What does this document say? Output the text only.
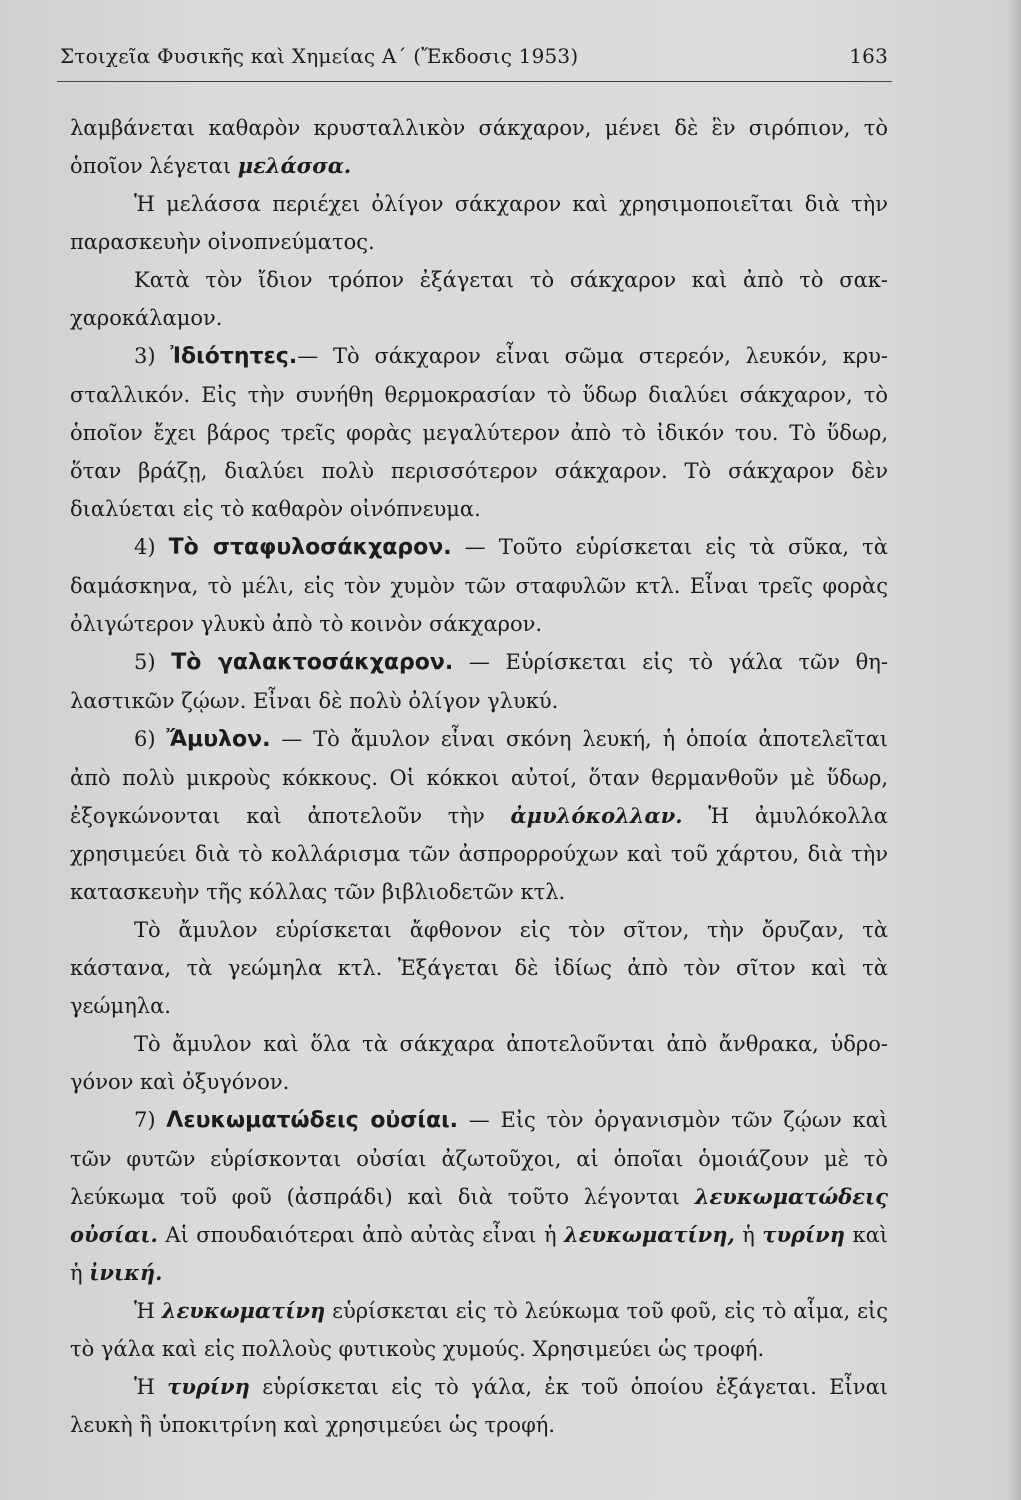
Στοιχεῖα Φυσικῆς καὶ Χημείας Α΄ (Ἔκδοσις 1953)	163

λαμβάνεται καθαρὸν κρυσταλλικὸν σάκχαρον, μένει δὲ ἓν σιρόπιον, τὸ ὁποῖον λέγεται μελάσσα.

Ἡ μελάσσα περιέχει ὀλίγον σάκχαρον καὶ χρησιμοποιεῖται διὰ τὴν παρασκευὴν οἰνοπνεύματος.

Κατὰ τὸν ἴδιον τρόπον ἐξάγεται τὸ σάκχαρον καὶ ἀπὸ τὸ σακχαροκάλαμον.

3) Ἰδιότητες.— Τὸ σάκχαρον εἶναι σῶμα στερεόν, λευκόν, κρυσταλλικόν. Εἰς τὴν συνήθη θερμοκρασίαν τὸ ὕδωρ διαλύει σάκχαρον, τὸ ὁποῖον ἔχει βάρος τρεῖς φορὰς μεγαλύτερον ἀπὸ τὸ ἰδικόν του. Τὸ ὕδωρ, ὅταν βράζῃ, διαλύει πολὺ περισσότερον σάκχαρον. Τὸ σάκχαρον δὲν διαλύεται εἰς τὸ καθαρὸν οἰνόπνευμα.

4) Τὸ σταφυλοσάκχαρον. — Τοῦτο εὑρίσκεται εἰς τὰ σῦκα, τὰ δαμάσκηνα, τὸ μέλι, εἰς τὸν χυμὸν τῶν σταφυλῶν κτλ. Εἶναι τρεῖς φορὰς ὀλιγώτερον γλυκὺ ἀπὸ τὸ κοινὸν σάκχαρον.

5) Τὸ γαλακτοσάκχαρον. — Εὑρίσκεται εἰς τὸ γάλα τῶν θηλαστικῶν ζῴων. Εἶναι δὲ πολὺ ὀλίγον γλυκύ.

6) Ἄμυλον. — Τὸ ἄμυλον εἶναι σκόνη λευκή, ἡ ὁποία ἀποτελεῖται ἀπὸ πολὺ μικροὺς κόκκους. Οἱ κόκκοι αὐτοί, ὅταν θερμανθοῦν μὲ ὕδωρ, ἐξογκώνονται καὶ ἀποτελοῦν τὴν ἀμυλόκολλαν. Ἡ ἀμυλόκολλα χρησιμεύει διὰ τὸ κολλάρισμα τῶν ἀσπρορρούχων καὶ τοῦ χάρτου, διὰ τὴν κατασκευὴν τῆς κόλλας τῶν βιβλιοδετῶν κτλ.

Τὸ ἄμυλον εὑρίσκεται ἄφθονον εἰς τὸν σῖτον, τὴν ὄρυζαν, τὰ κάστανα, τὰ γεώμηλα κτλ. Ἐξάγεται δὲ ἰδίως ἀπὸ τὸν σῖτον καὶ τὰ γεώμηλα.

Τὸ ἄμυλον καὶ ὅλα τὰ σάκχαρα ἀποτελοῦνται ἀπὸ ἄνθρακα, ὑδρογόνον καὶ ὀξυγόνον.

7) Λευκωματώδεις οὐσίαι. — Εἰς τὸν ὀργανισμὸν τῶν ζῴων καὶ τῶν φυτῶν εὑρίσκονται οὐσίαι ἀζωτοῦχοι, αἱ ὁποῖαι ὁμοιάζουν μὲ τὸ λεύκωμα τοῦ φοῦ (ἀσπράδι) καὶ διὰ τοῦτο λέγονται λευκωματώδεις οὐσίαι. Αἱ σπουδαιότεραι ἀπὸ αὐτὰς εἶναι ἡ λευκωματίνη, ἡ τυρίνη καὶ ἡ ἰνική.

Ἡ λευκωματίνη εὑρίσκεται εἰς τὸ λεύκωμα τοῦ φοῦ, εἰς τὸ αἷμα, εἰς τὸ γάλα καὶ εἰς πολλοὺς φυτικοὺς χυμούς. Χρησιμεύει ὡς τροφή.

Ἡ τυρίνη εὑρίσκεται εἰς τὸ γάλα, ἐκ τοῦ ὁποίου ἐξάγεται. Εἶναι λευκὴ ἢ ὑποκιτρίνη καὶ χρησιμεύει ὡς τροφή.
